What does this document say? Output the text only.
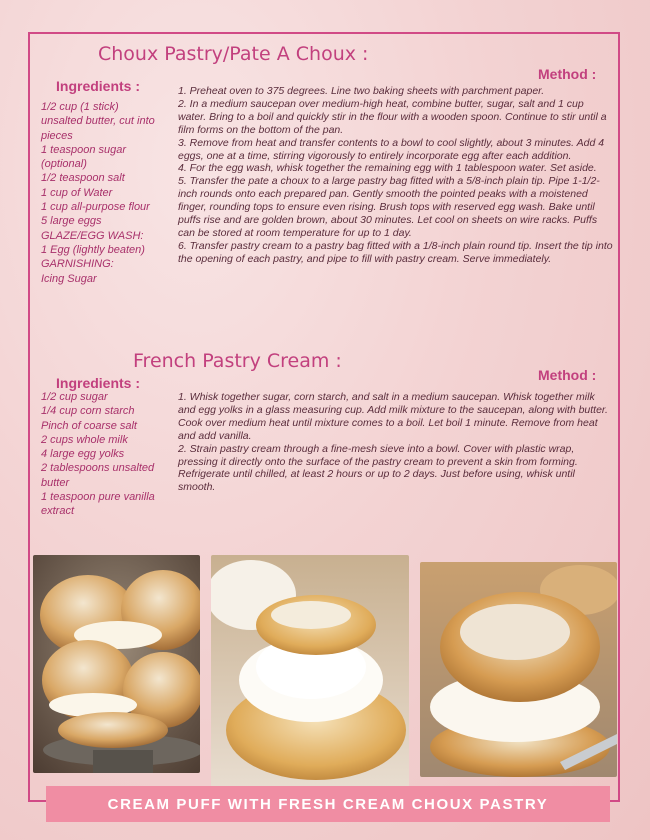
Choux Pastry/Pate A Choux :
Method :
Ingredients :
1/2 cup (1 stick)
unsalted butter, cut into
pieces
1 teaspoon sugar
(optional)
1/2 teaspoon salt
1 cup of Water
1 cup all-purpose flour
5 large eggs
GLAZE/EGG WASH:
1 Egg (lightly beaten)
GARNISHING:
Icing Sugar
1. Preheat oven to 375 degrees. Line two baking sheets with parchment paper.
2. In a medium saucepan over medium-high heat, combine butter, sugar, salt and 1 cup water. Bring to a boil and quickly stir in the flour with a wooden spoon. Continue to stir until a film forms on the bottom of the pan.
3. Remove from heat and transfer contents to a bowl to cool slightly, about 3 minutes. Add 4 eggs, one at a time, stirring vigorously to entirely incorporate egg after each addition.
4. For the egg wash, whisk together the remaining egg with 1 tablespoon water. Set aside.
5. Transfer the pate a choux to a large pastry bag fitted with a 5/8-inch plain tip. Pipe 1-1/2-inch rounds onto each prepared pan. Gently smooth the pointed peaks with a moistened finger, rounding tops to ensure even rising. Brush tops with reserved egg wash. Bake until puffs rise and are golden brown, about 30 minutes. Let cool on sheets on wire racks. Puffs can be stored at room temperature for up to 1 day.
6. Transfer pastry cream to a pastry bag fitted with a 1/8-inch plain round tip. Insert the tip into the opening of each pastry, and pipe to fill with pastry cream. Serve immediately.
French Pastry Cream :
Method :
Ingredients :
1/2 cup sugar
1/4 cup corn starch
Pinch of coarse salt
2 cups whole milk
4 large egg yolks
2 tablespoons unsalted
butter
1 teaspoon pure vanilla
extract
1. Whisk together sugar, corn starch, and salt in a medium saucepan. Whisk together milk and egg yolks in a glass measuring cup. Add milk mixture to the saucepan, along with butter. Cook over medium heat until mixture comes to a boil. Let boil 1 minute. Remove from heat and add vanilla.
2. Strain pastry cream through a fine-mesh sieve into a bowl. Cover with plastic wrap, pressing it directly onto the surface of the pastry cream to prevent a skin from forming. Refrigerate until chilled, at least 2 hours or up to 2 days. Just before using, whisk until smooth.
CREAM PUFF WITH FRESH CREAM CHOUX PASTRY
